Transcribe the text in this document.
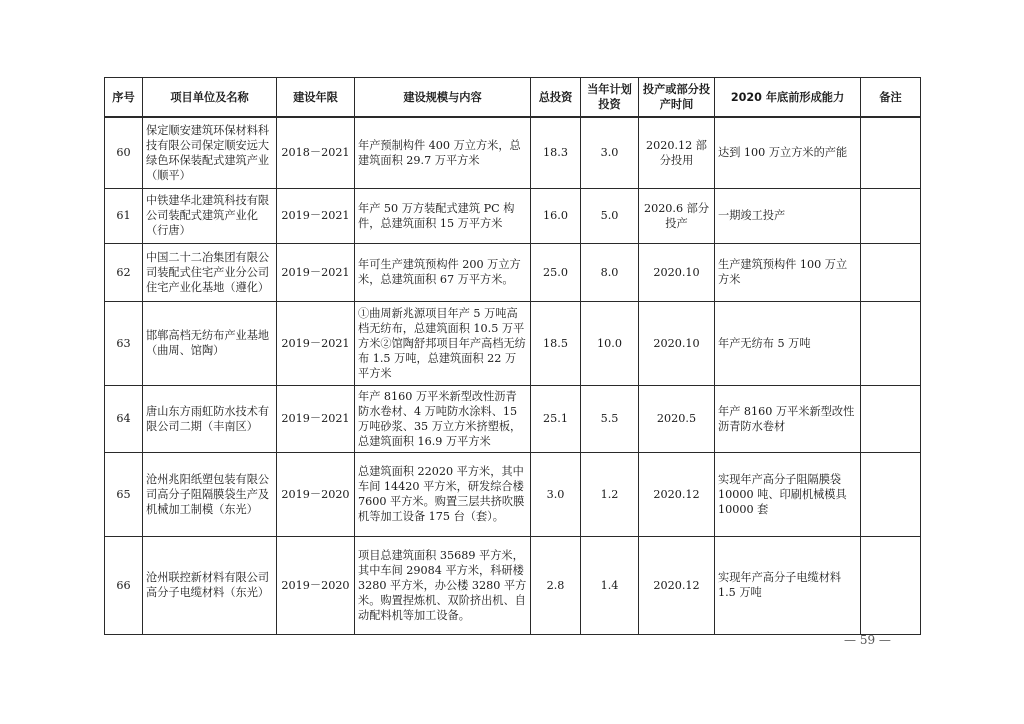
序号	项目单位及名称	建设年限	建设规模与内容	总投资	当年计划投资	投产或部分投产时间	2020 年底前形成能力	备注
60	保定顺安建筑环保材料科技有限公司保定顺安远大绿色环保装配式建筑产业（顺平）	2018－2021	年产预制构件 400 万立方米，总建筑面积 29.7 万平方米	18.3	3.0	2020.12 部分投用	达到 100 万立方米的产能	
61	中铁建华北建筑科技有限公司装配式建筑产业化（行唐）	2019－2021	年产 50 万方装配式建筑 PC 构件，总建筑面积 15 万平方米	16.0	5.0	2020.6 部分投产	一期竣工投产	
62	中国二十二冶集团有限公司装配式住宅产业分公司住宅产业化基地（遵化）	2019－2021	年可生产建筑预构件 200 万立方米，总建筑面积 67 万平方米。	25.0	8.0	2020.10	生产建筑预构件 100 万立方米	
63	邯郸高档无纺布产业基地（曲周、馆陶）	2019－2021	①曲周新兆源项目年产 5 万吨高档无纺布，总建筑面积 10.5 万平方米②馆陶舒邦项目年产高档无纺布 1.5 万吨，总建筑面积 22 万平方米	18.5	10.0	2020.10	年产无纺布 5 万吨	
64	唐山东方雨虹防水技术有限公司二期（丰南区）	2019－2021	年产 8160 万平米新型改性沥青防水卷材、4 万吨防水涂料、15 万吨砂浆、35 万立方米挤塑板，总建筑面积 16.9 万平方米	25.1	5.5	2020.5	年产 8160 万平米新型改性沥青防水卷材	
65	沧州兆阳纸塑包装有限公司高分子阻隔膜袋生产及机械加工制模（东光）	2019－2020	总建筑面积 22020 平方米，其中车间 14420 平方米，研发综合楼 7600 平方米。购置三层共挤吹膜机等加工设备 175 台（套）。	3.0	1.2	2020.12	实现年产高分子阻隔膜袋 10000 吨、印刷机械模具 10000 套	
66	沧州联控新材料有限公司高分子电缆材料（东光）	2019－2020	项目总建筑面积 35689 平方米，其中车间 29084 平方米，科研楼 3280 平方米，办公楼 3280 平方米。购置捏炼机、双阶挤出机、自动配料机等加工设备。	2.8	1.4	2020.12	实现年产高分子电缆材料 1.5 万吨	
— 59 —
